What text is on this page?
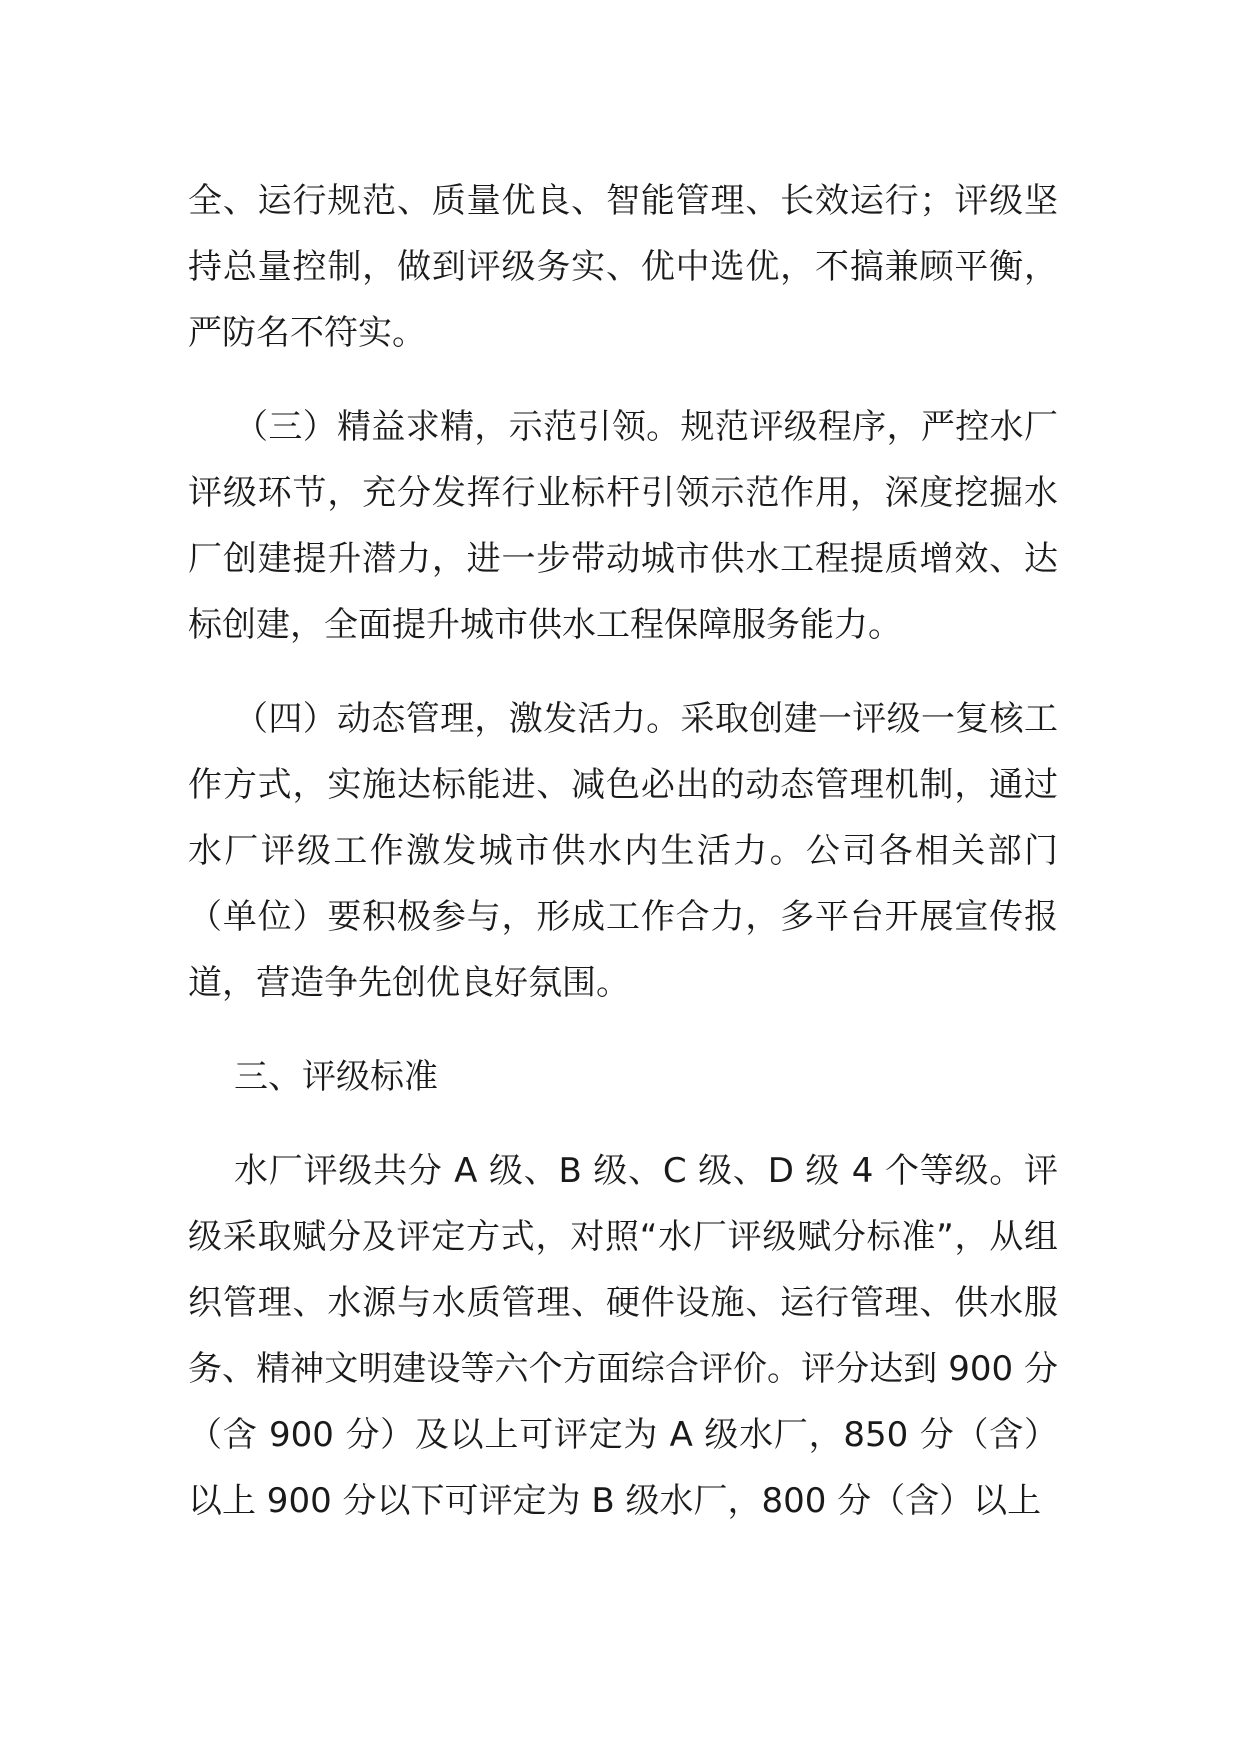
全、运行规范、质量优良、智能管理、长效运行；评级坚持总量控制，做到评级务实、优中选优，不搞兼顾平衡，严防名不符实。

（三）精益求精，示范引领。规范评级程序，严控水厂评级环节，充分发挥行业标杆引领示范作用，深度挖掘水厂创建提升潜力，进一步带动城市供水工程提质增效、达标创建，全面提升城市供水工程保障服务能力。

（四）动态管理，激发活力。采取创建一评级一复核工作方式，实施达标能进、减色必出的动态管理机制，通过水厂评级工作激发城市供水内生活力。公司各相关部门（单位）要积极参与，形成工作合力，多平台开展宣传报道，营造争先创优良好氛围。

三、评级标准

水厂评级共分 A 级、B 级、C 级、D 级 4 个等级。评级采取赋分及评定方式，对照“水厂评级赋分标准”，从组织管理、水源与水质管理、硬件设施、运行管理、供水服务、精神文明建设等六个方面综合评价。评分达到 900 分（含 900 分）及以上可评定为 A 级水厂，850 分（含）以上 900 分以下可评定为 B 级水厂，800 分（含）以上
